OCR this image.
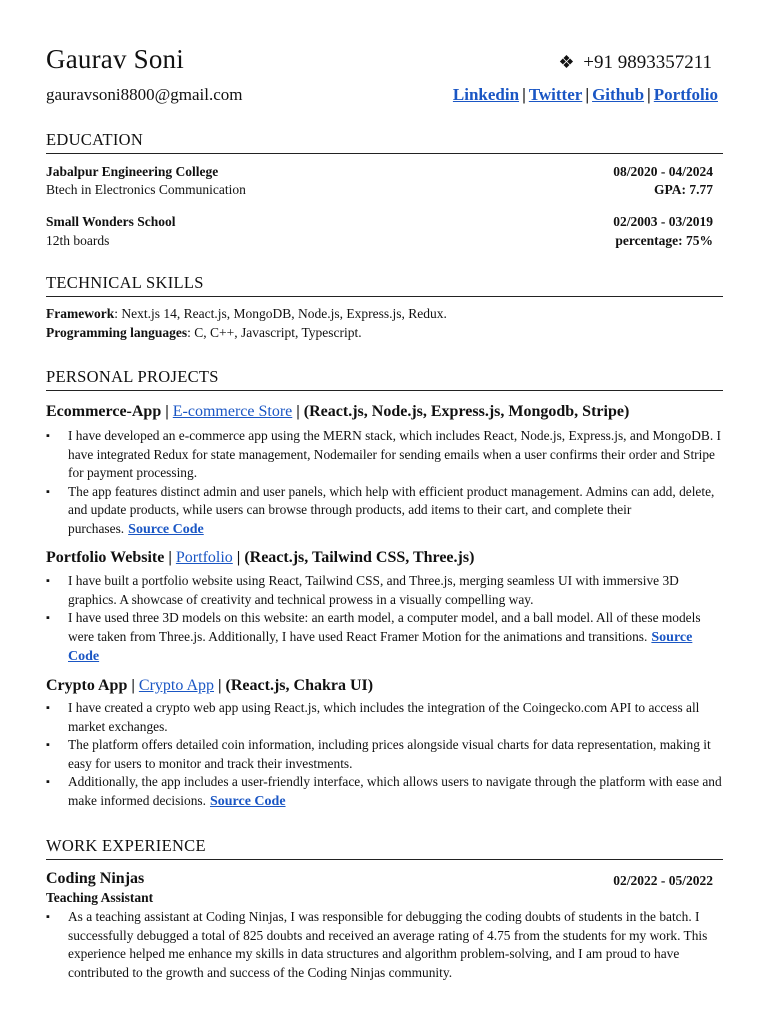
Gaurav Soni	❖ +91 9893357211
gauravsoni8800@gmail.com	Linkedin | Twitter | Github | Portfolio
EDUCATION
Jabalpur Engineering College	08/2020 - 04/2024
Btech in Electronics Communication	GPA: 7.77
Small Wonders School	02/2003 - 03/2019
12th boards	percentage: 75%
TECHNICAL SKILLS
Framework: Next.js 14, React.js, MongoDB, Node.js, Express.js, Redux.
Programming languages: C, C++, Javascript, Typescript.
PERSONAL PROJECTS
Ecommerce-App | E-commerce Store | (React.js, Node.js, Express.js, Mongodb, Stripe)
▪ I have developed an e-commerce app using the MERN stack, which includes React, Node.js, Express.js, and MongoDB. I have integrated Redux for state management, Nodemailer for sending emails when a user confirms their order and Stripe for payment processing.
▪ The app features distinct admin and user panels, which help with efficient product management. Admins can add, delete, and update products, while users can browse through products, add items to their cart, and complete their purchases. Source Code
Portfolio Website | Portfolio | (React.js, Tailwind CSS, Three.js)
▪ I have built a portfolio website using React, Tailwind CSS, and Three.js, merging seamless UI with immersive 3D graphics. A showcase of creativity and technical prowess in a visually compelling way.
▪ I have used three 3D models on this website: an earth model, a computer model, and a ball model. All of these models were taken from Three.js. Additionally, I have used React Framer Motion for the animations and transitions. Source Code
Crypto App | Crypto App | (React.js, Chakra UI)
▪ I have created a crypto web app using React.js, which includes the integration of the Coingecko.com API to access all market exchanges.
▪ The platform offers detailed coin information, including prices alongside visual charts for data representation, making it easy for users to monitor and track their investments.
▪ Additionally, the app includes a user-friendly interface, which allows users to navigate through the platform with ease and make informed decisions. Source Code
WORK EXPERIENCE
Coding Ninjas	02/2022 - 05/2022
Teaching Assistant
▪ As a teaching assistant at Coding Ninjas, I was responsible for debugging the coding doubts of students in the batch. I successfully debugged a total of 825 doubts and received an average rating of 4.75 from the students for my work. This experience helped me enhance my skills in data structures and algorithm problem-solving, and I am proud to have contributed to the growth and success of the Coding Ninjas community.
